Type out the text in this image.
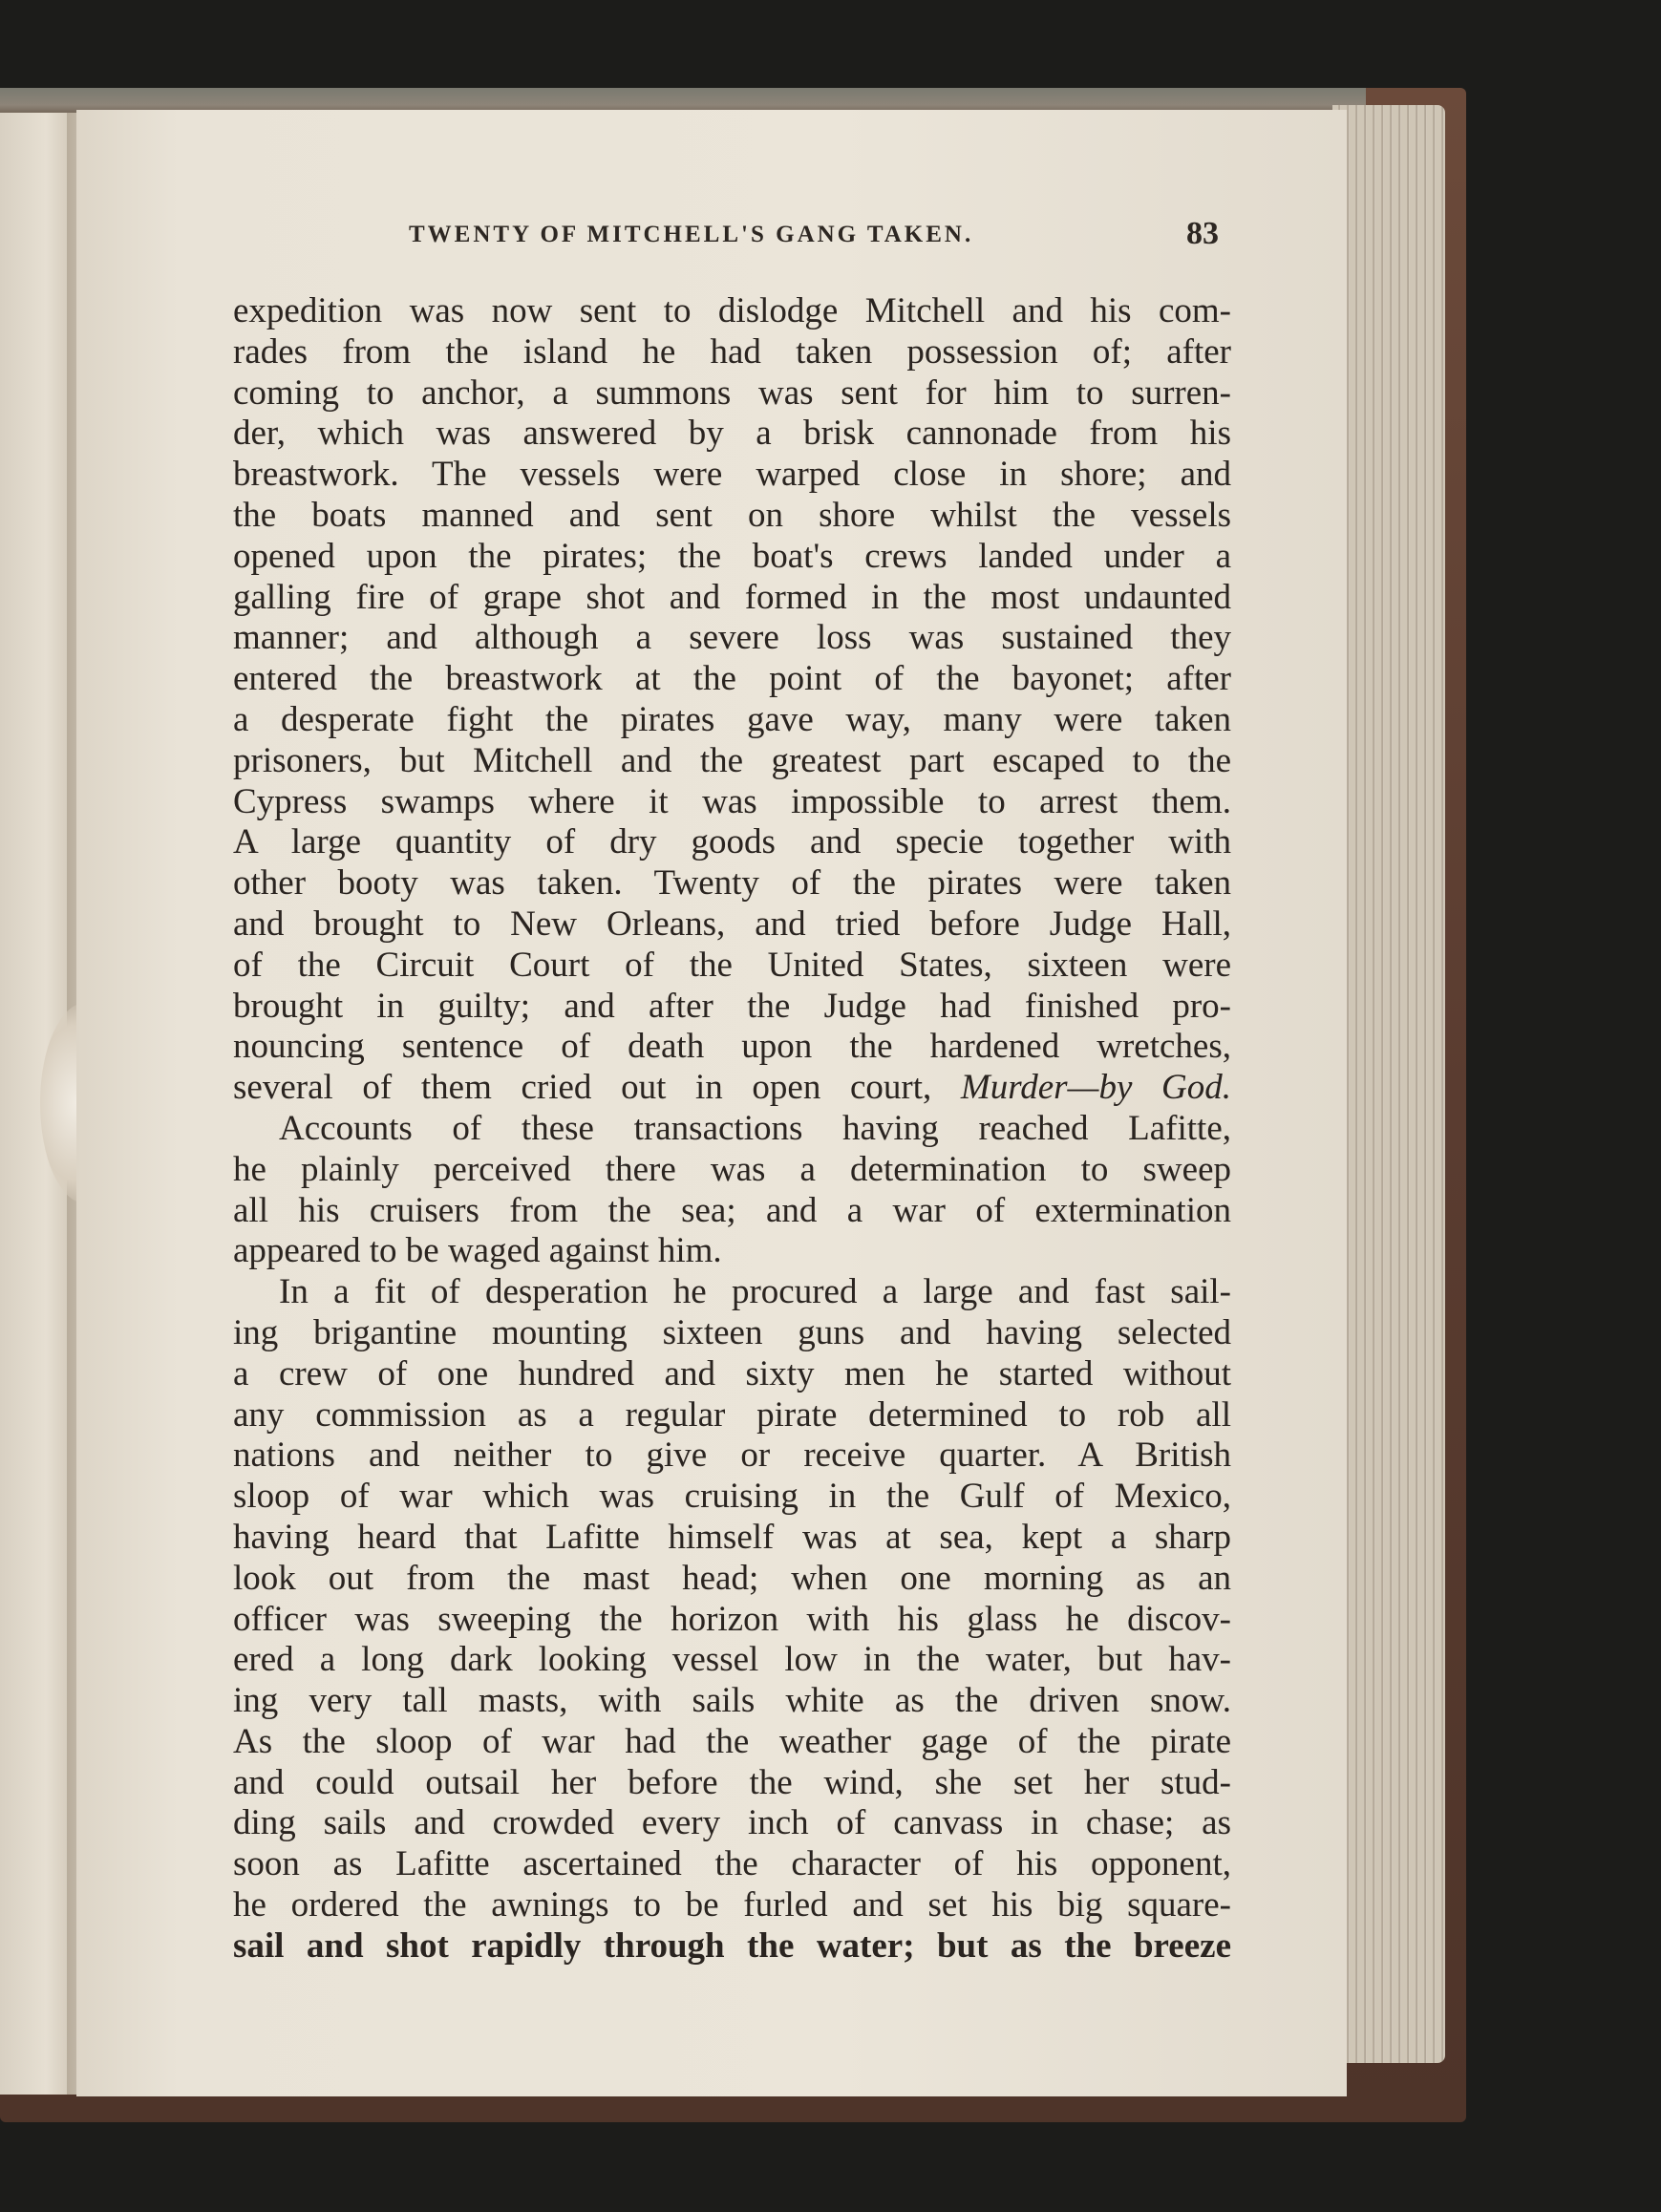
TWENTY OF MITCHELL'S GANG TAKEN.	83
expedition was now sent to dislodge Mitchell and his com-
rades from the island he had taken possession of; after
coming to anchor, a summons was sent for him to surren-
der, which was answered by a brisk cannonade from his
breastwork. The vessels were warped close in shore; and
the boats manned and sent on shore whilst the vessels
opened upon the pirates; the boat's crews landed under a
galling fire of grape shot and formed in the most undaunted
manner; and although a severe loss was sustained they
entered the breastwork at the point of the bayonet; after
a desperate fight the pirates gave way, many were taken
prisoners, but Mitchell and the greatest part escaped to the
Cypress swamps where it was impossible to arrest them.
A large quantity of dry goods and specie together with
other booty was taken. Twenty of the pirates were taken
and brought to New Orleans, and tried before Judge Hall,
of the Circuit Court of the United States, sixteen were
brought in guilty; and after the Judge had finished pro-
nouncing sentence of death upon the hardened wretches,
several of them cried out in open court, Murder—by God.
Accounts of these transactions having reached Lafitte,
he plainly perceived there was a determination to sweep
all his cruisers from the sea; and a war of extermination
appeared to be waged against him.
In a fit of desperation he procured a large and fast sail-
ing brigantine mounting sixteen guns and having selected
a crew of one hundred and sixty men he started without
any commission as a regular pirate determined to rob all
nations and neither to give or receive quarter. A British
sloop of war which was cruising in the Gulf of Mexico,
having heard that Lafitte himself was at sea, kept a sharp
look out from the mast head; when one morning as an
officer was sweeping the horizon with his glass he discov-
ered a long dark looking vessel low in the water, but hav-
ing very tall masts, with sails white as the driven snow.
As the sloop of war had the weather gage of the pirate
and could outsail her before the wind, she set her stud-
ding sails and crowded every inch of canvass in chase; as
soon as Lafitte ascertained the character of his opponent,
he ordered the awnings to be furled and set his big square-
sail and shot rapidly through the water; but as the breeze
